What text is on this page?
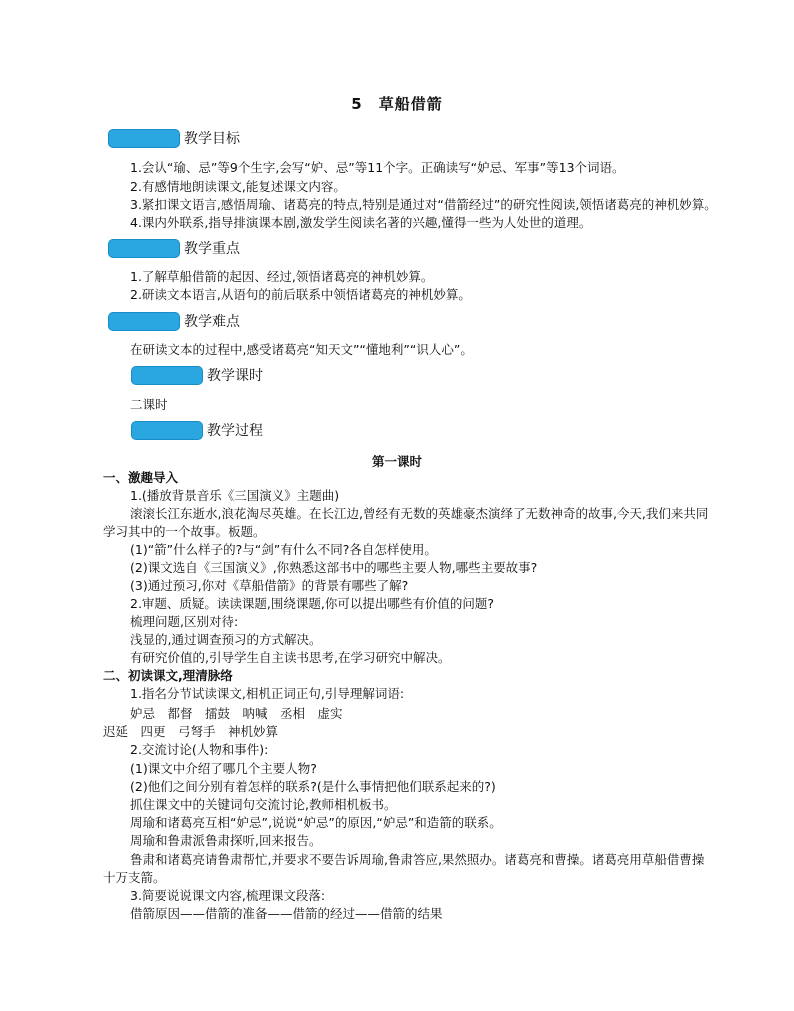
5 草船借箭
教学目标
1.会认“瑜、忌”等9个生字,会写“妒、忌”等11个字。正确读写“妒忌、军事”等13个词语。
2.有感情地朗读课文,能复述课文内容。
3.紧扣课文语言,感悟周瑜、诸葛亮的特点,特别是通过对“借箭经过”的研究性阅读,领悟诸葛亮的神机妙算。
4.课内外联系,指导排演课本剧,激发学生阅读名著的兴趣,懂得一些为人处世的道理。
教学重点
1.了解草船借箭的起因、经过,领悟诸葛亮的神机妙算。
2.研读文本语言,从语句的前后联系中领悟诸葛亮的神机妙算。
教学难点
在研读文本的过程中,感受诸葛亮“知天文”“懂地利”“识人心”。
教学课时
二课时
教学过程
第一课时
一、激趣导入
1.(播放背景音乐《三国演义》主题曲)
滚滚长江东逝水,浪花淘尽英雄。在长江边,曾经有无数的英雄豪杰演绎了无数神奇的故事,今天,我们来共同
学习其中的一个故事。板题。
(1)“箭”什么样子的?与“剑”有什么不同?各自怎样使用。
(2)课文选自《三国演义》,你熟悉这部书中的哪些主要人物,哪些主要故事?
(3)通过预习,你对《草船借箭》的背景有哪些了解?
2.审题、质疑。读读课题,围绕课题,你可以提出哪些有价值的问题?
梳理问题,区别对待:
浅显的,通过调查预习的方式解决。
有研究价值的,引导学生自主读书思考,在学习研究中解决。
二、初读课文,理清脉络
1.指名分节试读课文,相机正词正句,引导理解词语:
妒忌　都督　擂鼓　呐喊　丞相　虚实
迟延　四更　弓弩手　神机妙算
2.交流讨论(人物和事件):
(1)课文中介绍了哪几个主要人物?
(2)他们之间分别有着怎样的联系?(是什么事情把他们联系起来的?)
抓住课文中的关键词句交流讨论,教师相机板书。
周瑜和诸葛亮互相“妒忌”,说说“妒忌”的原因,“妒忌”和造箭的联系。
周瑜和鲁肃派鲁肃探听,回来报告。
鲁肃和诸葛亮请鲁肃帮忙,并要求不要告诉周瑜,鲁肃答应,果然照办。诸葛亮和曹操。诸葛亮用草船借曹操
十万支箭。
3.简要说说课文内容,梳理课文段落:
借箭原因——借箭的准备——借箭的经过——借箭的结果
